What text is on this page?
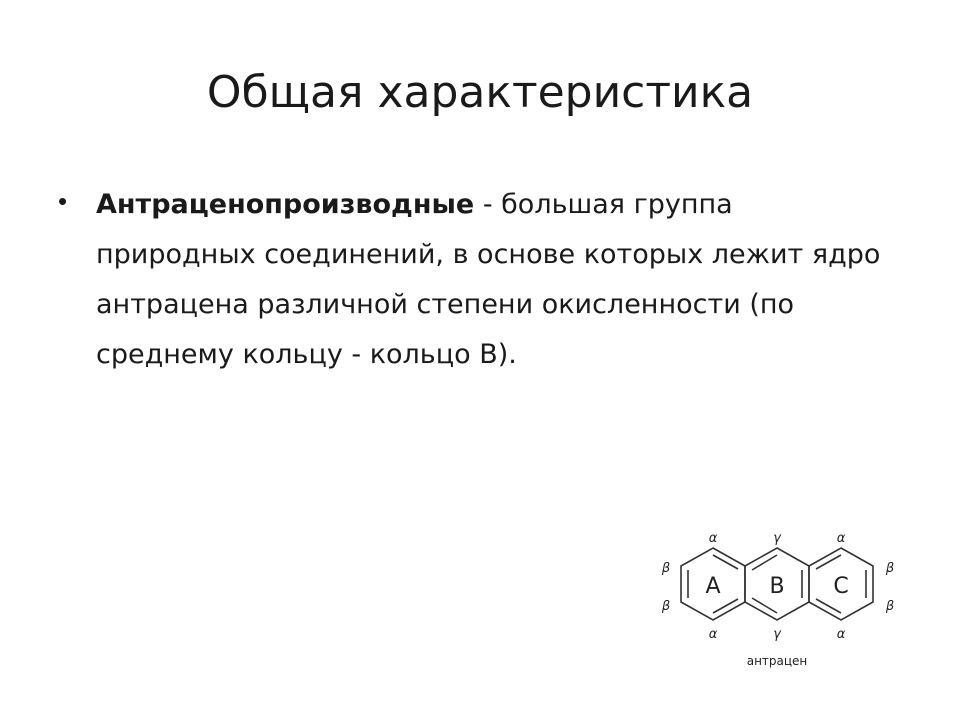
Общая характеристика
• Антраценопроизводные - большая группа природных соединений, в основе которых лежит ядро антрацена различной степени окисленности (по среднему кольцу - кольцо В).
A B C
α	γ	α
β
β
β
β
α	γ	α
антрацен
